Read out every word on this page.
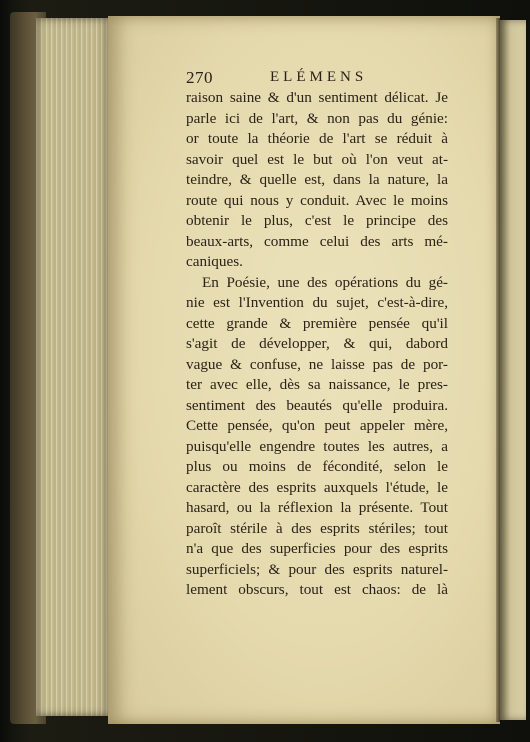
270	ELÉMENS
raison saine & d'un sentiment délicat. Je
parle ici de l'art, & non pas du génie:
or toute la théorie de l'art se réduit à
savoir quel est le but où l'on veut at-
teindre, & quelle est, dans la nature, la
route qui nous y conduit. Avec le moins
obtenir le plus, c'est le principe des
beaux-arts, comme celui des arts mé-
caniques.
En Poésie, une des opérations du gé-
nie est l'Invention du sujet, c'est-à-dire,
cette grande & première pensée qu'il
s'agit de développer, & qui, dabord
vague & confuse, ne laisse pas de por-
ter avec elle, dès sa naissance, le pres-
sentiment des beautés qu'elle produira.
Cette pensée, qu'on peut appeler mère,
puisqu'elle engendre toutes les autres, a
plus ou moins de fécondité, selon le
caractère des esprits auxquels l'étude, le
hasard, ou la réflexion la présente. Tout
paroît stérile à des esprits stériles; tout
n'a que des superficies pour des esprits
superficiels; & pour des esprits naturel-
lement obscurs, tout est chaos: de là
